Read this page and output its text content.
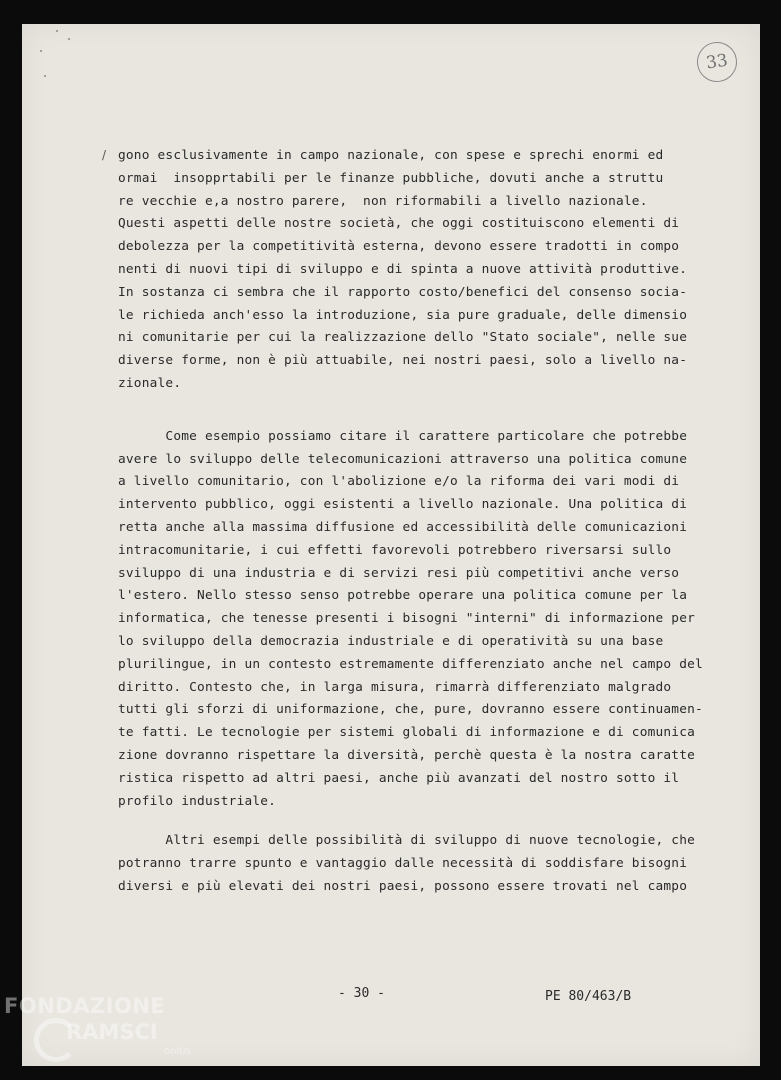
33
/ gono esclusivamente in campo nazionale, con spese e sprechi enormi ed
ormai  insopprtabili per le finanze pubbliche, dovuti anche a struttu
re vecchie e,a nostro parere,  non riformabili a livello nazionale.
Questi aspetti delle nostre società, che oggi costituiscono elementi di
debolezza per la competitività esterna, devono essere tradotti in compo
nenti di nuovi tipi di sviluppo e di spinta a nuove attività produttive.
In sostanza ci sembra che il rapporto costo/benefici del consenso socia-
le richieda anch'esso la introduzione, sia pure graduale, delle dimensio
ni comunitarie per cui la realizzazione dello "Stato sociale", nelle sue
diverse forme, non è più attuabile, nei nostri paesi, solo a livello na-
zionale.
Come esempio possiamo citare il carattere particolare che potrebbe
avere lo sviluppo delle telecomunicazioni attraverso una politica comune
a livello comunitario, con l'abolizione e/o la riforma dei vari modi di
intervento pubblico, oggi esistenti a livello nazionale. Una politica di
retta anche alla massima diffusione ed accessibilità delle comunicazioni
intracomunitarie, i cui effetti favorevoli potrebbero riversarsi sullo
sviluppo di una industria e di servizi resi più competitivi anche verso
l'estero. Nello stesso senso potrebbe operare una politica comune per la
informatica, che tenesse presenti i bisogni "interni" di informazione per
lo sviluppo della democrazia industriale e di operatività su una base
plurilingue, in un contesto estremamente differenziato anche nel campo del
diritto. Contesto che, in larga misura, rimarrà differenziato malgrado
tutti gli sforzi di uniformazione, che, pure, dovranno essere continuamen-
te fatti. Le tecnologie per sistemi globali di informazione e di comunica
zione dovranno rispettare la diversità, perchè questa è la nostra caratte
ristica rispetto ad altri paesi, anche più avanzati del nostro sotto il
profilo industriale.
Altri esempi delle possibilità di sviluppo di nuove tecnologie, che
potranno trarre spunto e vantaggio dalle necessità di soddisfare bisogni
diversi e più elevati dei nostri paesi, possono essere trovati nel campo
- 30 -	PE 80/463/B
FONDAZIONE
RAMSCI
onlus
